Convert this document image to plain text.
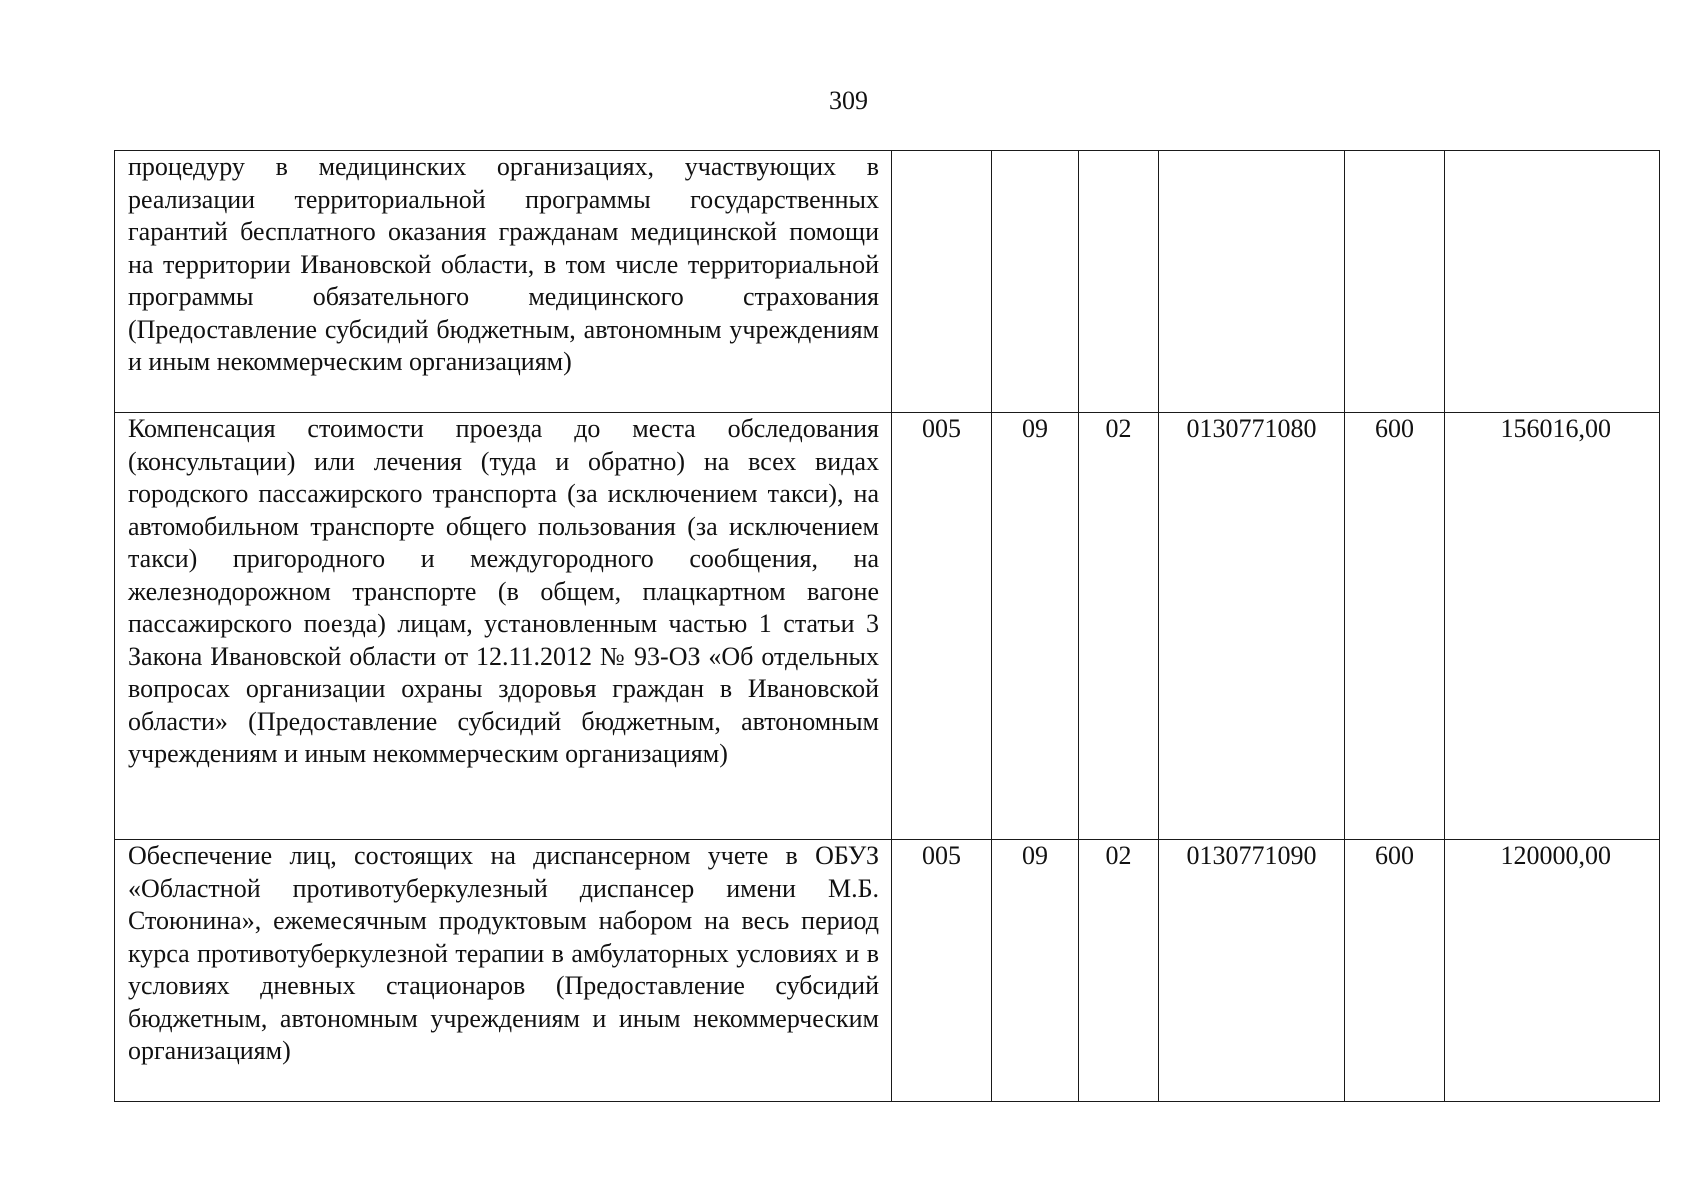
309
процедуру в медицинских организациях, участвующих в реализации территориальной программы государственных гарантий бесплатного оказания гражданам медицинской помощи на территории Ивановской области, в том числе территориальной программы обязательного медицинского страхования (Предоставление субсидий бюджетным, автономным учреждениям и иным некоммерческим организациям)						
Компенсация стоимости проезда до места обследования (консультации) или лечения (туда и обратно) на всех видах городского пассажирского транспорта (за исключением такси), на автомобильном транспорте общего пользования (за исключением такси) пригородного и междугородного сообщения, на железнодорожном транспорте (в общем, плацкартном вагоне пассажирского поезда) лицам, установленным частью 1 статьи 3 Закона Ивановской области от 12.11.2012 № 93-ОЗ «Об отдельных вопросах организации охраны здоровья граждан в Ивановской области» (Предоставление субсидий бюджетным, автономным учреждениям и иным некоммерческим организациям)	005	09	02	0130771080	600	156016,00
Обеспечение лиц, состоящих на диспансерном учете в ОБУЗ «Областной противотуберкулезный диспансер имени М.Б. Стоюнина», ежемесячным продуктовым набором на весь период курса противотуберкулезной терапии в амбулаторных условиях и в условиях дневных стационаров (Предоставление субсидий бюджетным, автономным учреждениям и иным некоммерческим организациям)	005	09	02	0130771090	600	120000,00
